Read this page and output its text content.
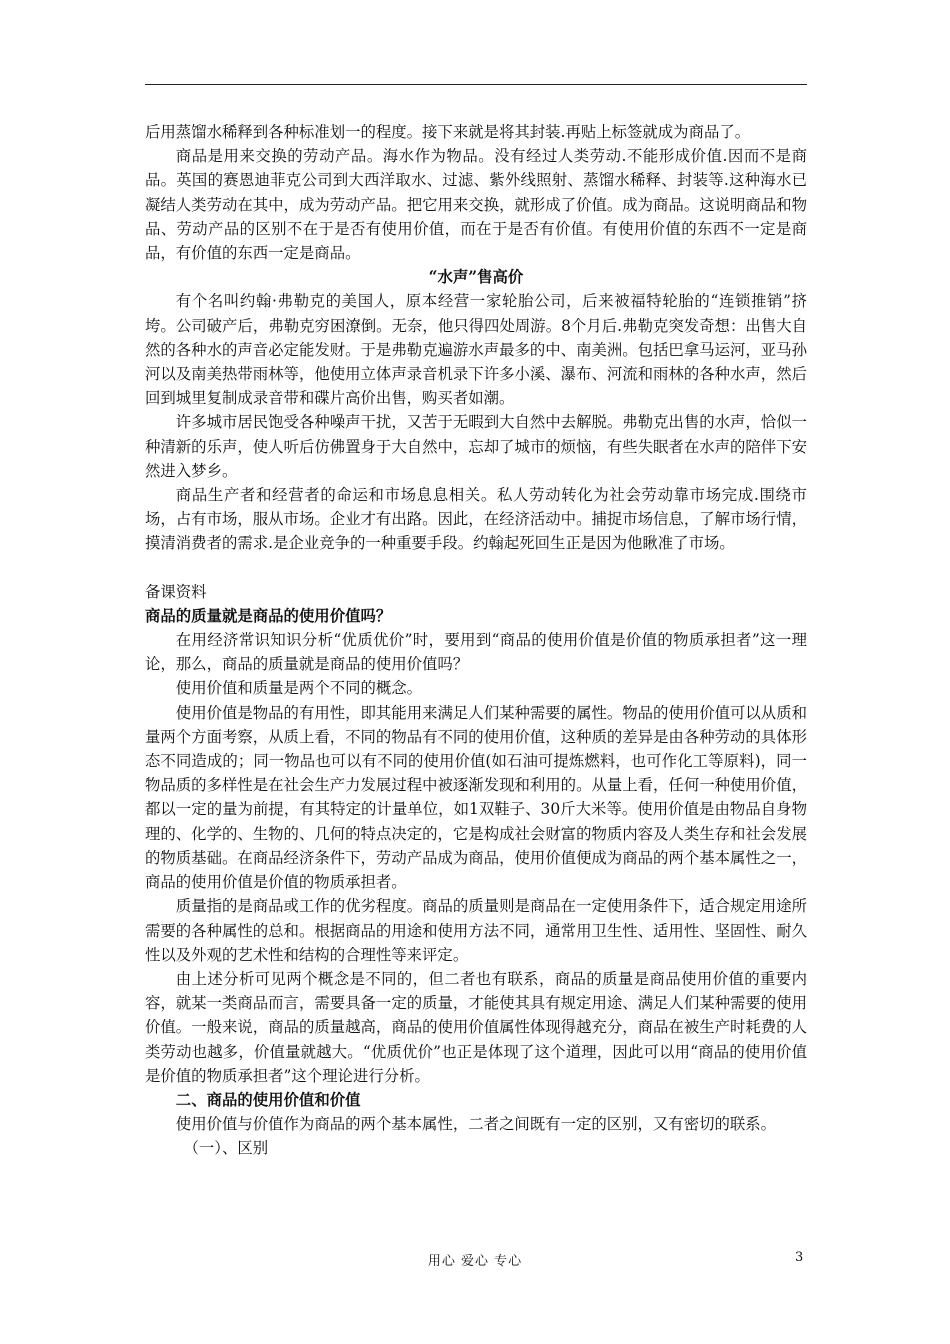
后用蒸馏水稀释到各种标准划一的程度。接下来就是将其封装.再贴上标签就成为商品了。

商品是用来交换的劳动产品。海水作为物品。没有经过人类劳动.不能形成价值.因而不是商品。英国的赛恩迪菲克公司到大西洋取水、过滤、紫外线照射、蒸馏水稀释、封装等.这种海水已凝结人类劳动在其中，成为劳动产品。把它用来交换，就形成了价值。成为商品。这说明商品和物品、劳动产品的区别不在于是否有使用价值，而在于是否有价值。有使用价值的东西不一定是商品，有价值的东西一定是商品。

“水声”售高价

有个名叫约翰·弗勒克的美国人，原本经营一家轮胎公司，后来被福特轮胎的“连锁推销”挤垮。公司破产后，弗勒克穷困潦倒。无奈，他只得四处周游。8个月后.弗勒克突发奇想：出售大自然的各种水的声音必定能发财。于是弗勒克遍游水声最多的中、南美洲。包括巴拿马运河，亚马孙河以及南美热带雨林等，他使用立体声录音机录下许多小溪、瀑布、河流和雨林的各种水声，然后回到城里复制成录音带和碟片高价出售，购买者如潮。

许多城市居民饱受各种噪声干扰，又苦于无暇到大自然中去解脱。弗勒克出售的水声，恰似一种清新的乐声，使人听后仿佛置身于大自然中，忘却了城市的烦恼，有些失眠者在水声的陪伴下安然进入梦乡。

商品生产者和经营者的命运和市场息息相关。私人劳动转化为社会劳动靠市场完成.围绕市场，占有市场，服从市场。企业才有出路。因此，在经济活动中。捕捉市场信息，了解市场行情，摸清消费者的需求.是企业竞争的一种重要手段。约翰起死回生正是因为他瞅准了市场。

备课资料

商品的质量就是商品的使用价值吗？

在用经济常识知识分析“优质优价”时，要用到“商品的使用价值是价值的物质承担者”这一理论，那么，商品的质量就是商品的使用价值吗？

使用价值和质量是两个不同的概念。

使用价值是物品的有用性，即其能用来满足人们某种需要的属性。物品的使用价值可以从质和量两个方面考察，从质上看，不同的物品有不同的使用价值，这种质的差异是由各种劳动的具体形态不同造成的；同一物品也可以有不同的使用价值(如石油可提炼燃料，也可作化工等原料)，同一物品质的多样性是在社会生产力发展过程中被逐渐发现和利用的。从量上看，任何一种使用价值，都以一定的量为前提，有其特定的计量单位，如1双鞋子、30斤大米等。使用价值是由物品自身物理的、化学的、生物的、几何的特点决定的，它是构成社会财富的物质内容及人类生存和社会发展的物质基础。在商品经济条件下，劳动产品成为商品，使用价值便成为商品的两个基本属性之一，商品的使用价值是价值的物质承担者。

质量指的是商品或工作的优劣程度。商品的质量则是商品在一定使用条件下，适合规定用途所需要的各种属性的总和。根据商品的用途和使用方法不同，通常用卫生性、适用性、坚固性、耐久性以及外观的艺术性和结构的合理性等来评定。

由上述分析可见两个概念是不同的，但二者也有联系，商品的质量是商品使用价值的重要内容，就某一类商品而言，需要具备一定的质量，才能使其具有规定用途、满足人们某种需要的使用价值。一般来说，商品的质量越高，商品的使用价值属性体现得越充分，商品在被生产时耗费的人类劳动也越多，价值量就越大。“优质优价”也正是体现了这个道理，因此可以用“商品的使用价值是价值的物质承担者”这个理论进行分析。

二、商品的使用价值和价值

使用价值与价值作为商品的两个基本属性，二者之间既有一定的区别，又有密切的联系。

（一）、区别

用心 爱心 专心	3
